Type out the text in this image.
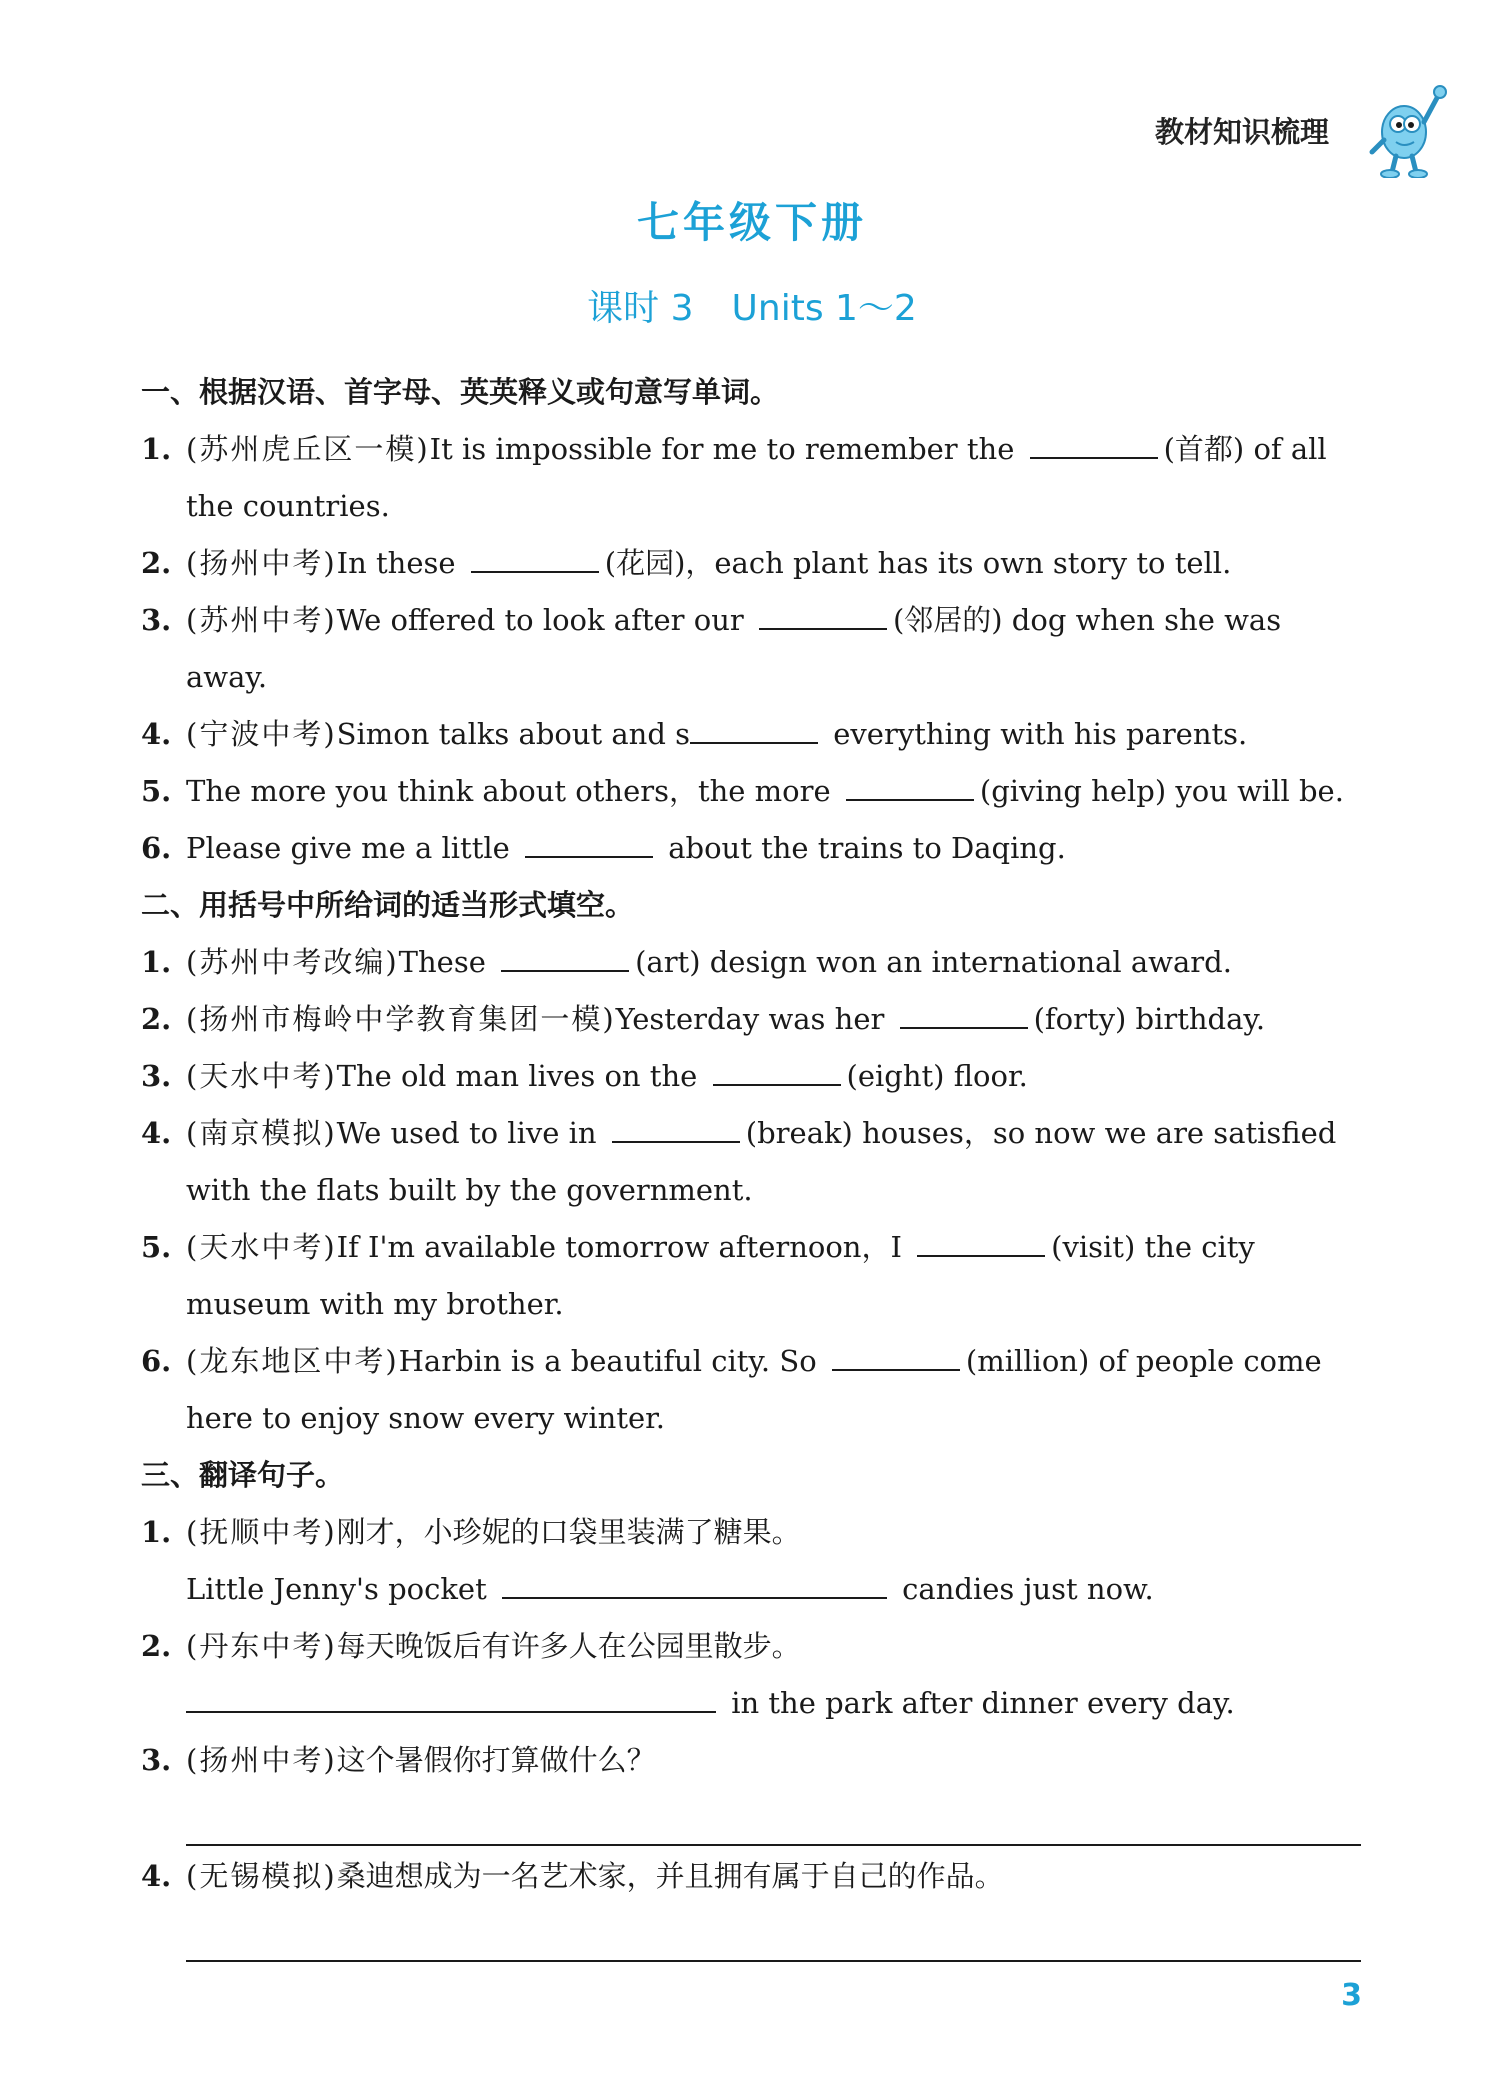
教材知识梳理
七年级下册
课时 3 Units 1～2
一、根据汉语、首字母、英英释义或句意写单词。
1. (苏州虎丘区一模)It is impossible for me to remember the	(首都) of all
the countries.
2. (扬州中考)In these	(花园)，each plant has its own story to tell.
3. (苏州中考)We offered to look after our	(邻居的) dog when she was
away.
4. (宁波中考)Simon talks about and s	everything with his parents.
5. The more you think about others，the more	(giving help) you will be.
6. Please give me a little	about the trains to Daqing.
二、用括号中所给词的适当形式填空。
1. (苏州中考改编)These	(art) design won an international award.
2. (扬州市梅岭中学教育集团一模)Yesterday was her	(forty) birthday.
3. (天水中考)The old man lives on the	(eight) floor.
4. (南京模拟)We used to live in	(break) houses，so now we are satisfied
with the flats built by the government.
5. (天水中考)If I'm available tomorrow afternoon，I	(visit) the city
museum with my brother.
6. (龙东地区中考)Harbin is a beautiful city. So	(million) of people come
here to enjoy snow every winter.
三、翻译句子。
1. (抚顺中考)刚才，小珍妮的口袋里装满了糖果。
Little Jenny's pocket	candies just now.
2. (丹东中考)每天晚饭后有许多人在公园里散步。
in the park after dinner every day.
3. (扬州中考)这个暑假你打算做什么？
4. (无锡模拟)桑迪想成为一名艺术家，并且拥有属于自己的作品。
3
